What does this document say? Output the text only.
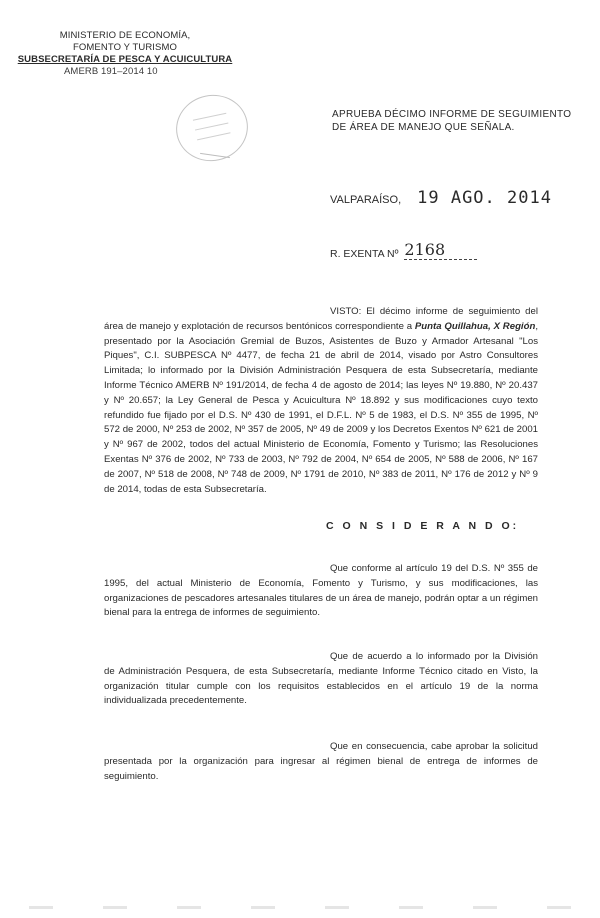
MINISTERIO DE ECONOMÍA,
FOMENTO Y TURISMO
SUBSECRETARÍA DE PESCA Y ACUICULTURA
AMERB 191–2014 10
APRUEBA DÉCIMO INFORME DE SEGUIMIENTO
DE ÁREA DE MANEJO QUE SEÑALA.
VALPARAÍSO, 19 AGO. 2014
R. EXENTA Nº 2168
VISTO: El décimo informe de seguimiento del área de manejo y explotación de recursos bentónicos correspondiente a Punta Quillahua, X Región, presentado por la Asociación Gremial de Buzos, Asistentes de Buzo y Armador Artesanal "Los Piques", C.I. SUBPESCA Nº 4477, de fecha 21 de abril de 2014, visado por Astro Consultores Limitada; lo informado por la División Administración Pesquera de esta Subsecretaría, mediante Informe Técnico AMERB Nº 191/2014, de fecha 4 de agosto de 2014; las leyes Nº 19.880, Nº 20.437 y Nº 20.657; la Ley General de Pesca y Acuicultura Nº 18.892 y sus modificaciones cuyo texto refundido fue fijado por el D.S. Nº 430 de 1991, el D.F.L. Nº 5 de 1983, el D.S. Nº 355 de 1995, Nº 572 de 2000, Nº 253 de 2002, Nº 357 de 2005, Nº 49 de 2009 y los Decretos Exentos Nº 621 de 2001 y Nº 967 de 2002, todos del actual Ministerio de Economía, Fomento y Turismo; las Resoluciones Exentas Nº 376 de 2002, Nº 733 de 2003, Nº 792 de 2004, Nº 654 de 2005, Nº 588 de 2006, Nº 167 de 2007, Nº 518 de 2008, Nº 748 de 2009, Nº 1791 de 2010, Nº 383 de 2011, Nº 176 de 2012 y Nº 9 de 2014, todas de esta Subsecretaría.
C O N S I D E R A N D O:
Que conforme al artículo 19 del D.S. Nº 355 de 1995, del actual Ministerio de Economía, Fomento y Turismo, y sus modificaciones, las organizaciones de pescadores artesanales titulares de un área de manejo, podrán optar a un régimen bienal para la entrega de informes de seguimiento.
Que de acuerdo a lo informado por la División de Administración Pesquera, de esta Subsecretaría, mediante Informe Técnico citado en Visto, la organización titular cumple con los requisitos establecidos en el artículo 19 de la norma individualizada precedentemente.
Que en consecuencia, cabe aprobar la solicitud presentada por la organización para ingresar al régimen bienal de entrega de informes de seguimiento.
